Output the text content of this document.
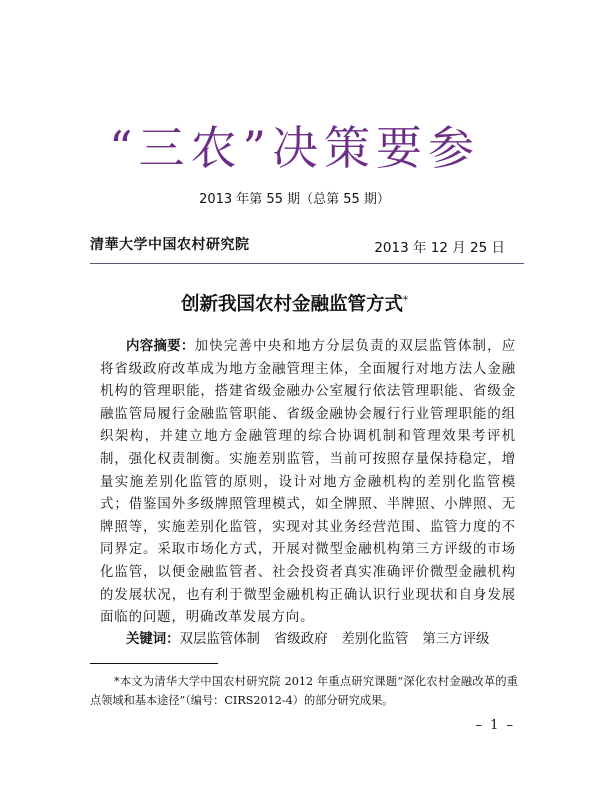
“三农”决策要参
2013 年第 55 期（总第 55 期）
清華大学中国农村研究院	2013 年 12 月 25 日
创新我国农村金融监管方式*

内容摘要：加快完善中央和地方分层负责的双层监管体制，应将省级政府改革成为地方金融管理主体，全面履行对地方法人金融机构的管理职能，搭建省级金融办公室履行依法管理职能、省级金融监管局履行金融监管职能、省级金融协会履行行业管理职能的组织架构，并建立地方金融管理的综合协调机制和管理效果考评机制，强化权责制衡。实施差别监管，当前可按照存量保持稳定，增量实施差别化监管的原则，设计对地方金融机构的差别化监管模式；借鉴国外多级牌照管理模式，如全牌照、半牌照、小牌照、无牌照等，实施差别化监管，实现对其业务经营范围、监管力度的不同界定。采取市场化方式，开展对微型金融机构第三方评级的市场化监管，以便金融监管者、社会投资者真实准确评价微型金融机构的发展状况，也有利于微型金融机构正确认识行业现状和自身发展面临的问题，明确改革发展方向。

关键词：双层监管体制 省级政府 差别化监管 第三方评级

*本文为清华大学中国农村研究院 2012 年重点研究课题“深化农村金融改革的重点领域和基本途径”（编号：CIRS2012-4）的部分研究成果。

– 1 –
